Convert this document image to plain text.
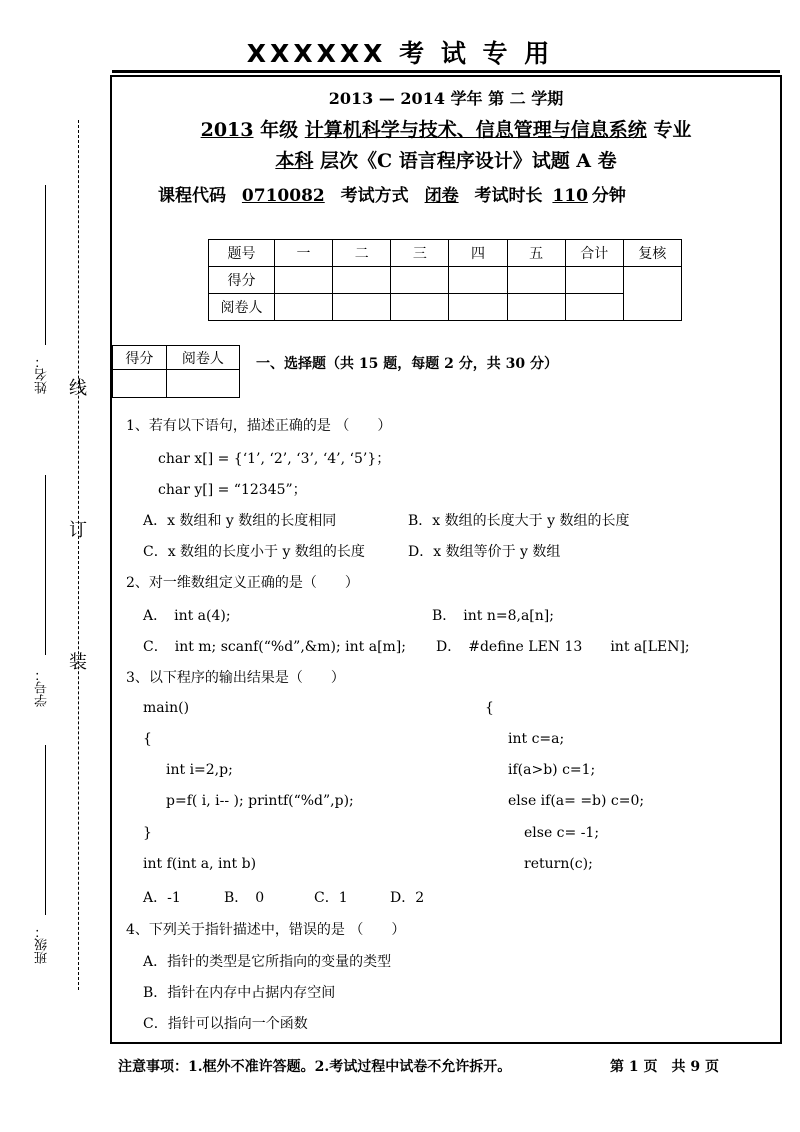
XXXXXX 考 试 专 用
姓名： 线
订
学号：
装
班级：
2013 — 2014 学年 第 二 学期
2013 年级 计算机科学与技术、信息管理与信息系统 专业
本科 层次《C 语言程序设计》试题 A 卷
课程代码 0710082 考试方式 闭卷 考试时长 110 分钟
题号	一	二	三	四	五	合计	复核
得分							
阅卷人							
得分	阅卷人
	一、选择题（共 15 题，每题 2 分，共 30 分）
1、若有以下语句，描述正确的是 （　　）
char x[] = {‘1’, ‘2’, ‘3’, ‘4’, ‘5’}；
char y[] = “12345”；
A．x 数组和 y 数组的长度相同	B．x 数组的长度大于 y 数组的长度
C．x 数组的长度小于 y 数组的长度	D．x 数组等价于 y 数组
2、对一维数组定义正确的是（　　）
A．　int a(4);	B．　int n=8,a[n];
C．　int m; scanf(“%d”,&m); int a[m]; D．　#define LEN 13　　int a[LEN];
3、以下程序的输出结果是（　　）
main()
{
int i=2,p;
p=f( i, i-- ); printf(“%d”,p);
}
int f(int a, int b)
{
int c=a;
if(a>b) c=1;
else if(a= =b) c=0;
else c= -1;
return(c);
A．-1	B．　0	C．1	D．2
4、下列关于指针描述中，错误的是 （　　）
A．指针的类型是它所指向的变量的类型
B．指针在内存中占据内存空间
C．指针可以指向一个函数
注意事项：1.框外不准许答题。2.考试过程中试卷不允许拆开。	第 1 页　共 9 页
